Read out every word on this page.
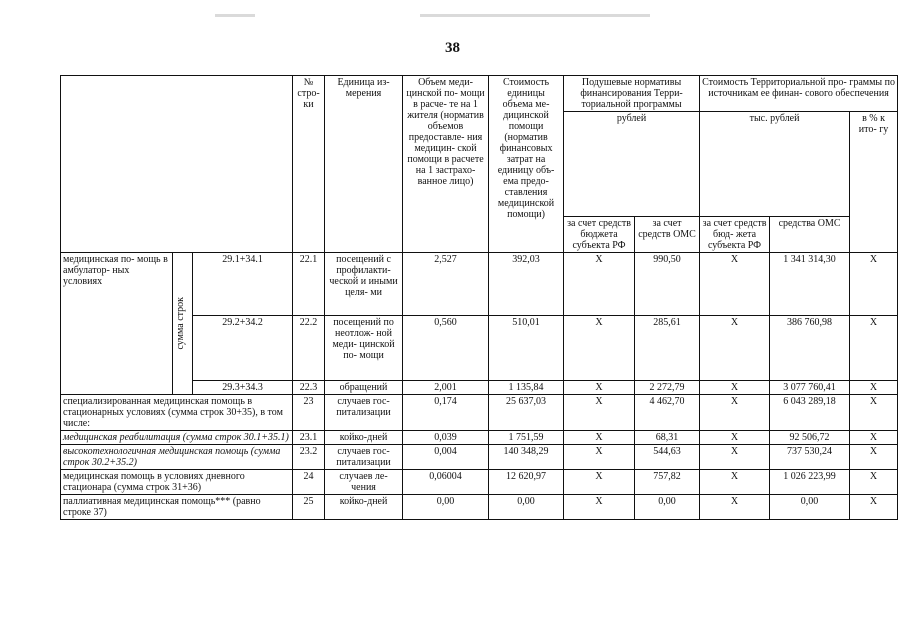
38
			№ стро- ки	Единица из- мерения	Объем меди- цинской по- мощи в расче- те на 1 жителя (норматив объемов предоставле- ния медицин- ской помощи в расчете на 1 застрахо- ванное лицо)	Стоимость единицы объема ме- дицинской помощи (норматив финансовых затрат на единицу объ- ема предо- ставления медицинской помощи)	Подушевые нормативы финансирования Терри- ториальной программы		Стоимость Территориальной про- граммы по источникам ее финан- сового обеспечения		
							рублей		тыс. рублей		в % к ито- гу
							за счет средств бюджета субъекта РФ	за счет средств ОМС	за счет средств бюд- жета субъекта РФ	средства ОМС	
медицинская по- мощь в амбулатор- ных условиях	сумма строк	29.1+34.1	22.1	посещений с профилакти- ческой и иными целя- ми	2,527	392,03	X	990,50	X	1 341 314,30	X
		29.2+34.2	22.2	посещений по неотлож- ной меди- цинской по- мощи	0,560	510,01	X	285,61	X	386 760,98	X
		29.3+34.3	22.3	обращений	2,001	1 135,84	X	2 272,79	X	3 077 760,41	X
специализированная медицинская помощь в стационарных условиях (сумма строк 30+35), в том числе:			23	случаев гос- питализации	0,174	25 637,03	X	4 462,70	X	6 043 289,18	X
медицинская реабилитация (сумма строк 30.1+35.1)			23.1	койко-дней	0,039	1 751,59	X	68,31	X	92 506,72	X
высокотехнологичная медицинская помощь (сумма строк 30.2+35.2)			23.2	случаев гос- питализации	0,004	140 348,29	X	544,63	X	737 530,24	X
медицинская помощь в условиях дневного стационара (сумма строк 31+36)			24	случаев ле- чения	0,06004	12 620,97	X	757,82	X	1 026 223,99	X
паллиативная медицинская помощь*** (равно строке 37)			25	койко-дней	0,00	0,00	X	0,00	X	0,00	X
